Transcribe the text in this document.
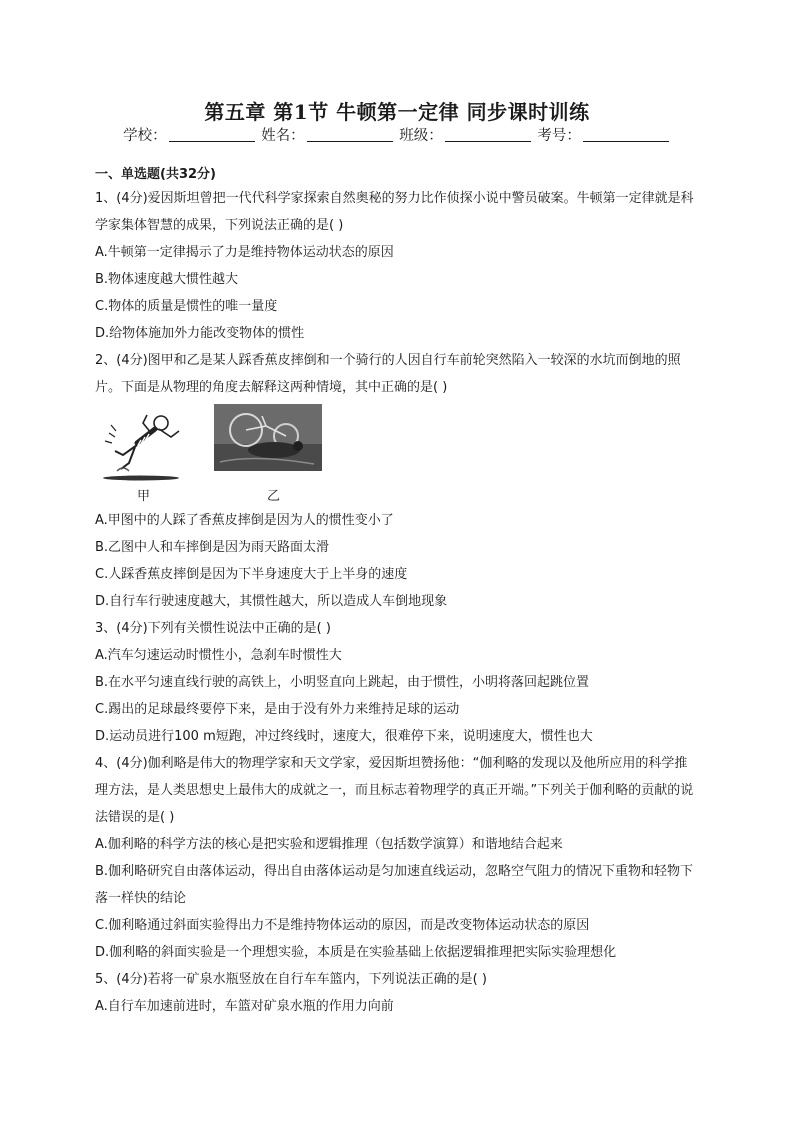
第五章 第1节 牛顿第一定律 同步课时训练
学校：	姓名：	班级：	考号：
一、单选题(共32分)
1、(4分)爱因斯坦曾把一代代科学家探索自然奥秘的努力比作侦探小说中警员破案。牛顿第一定律就是科学家集体智慧的成果，下列说法正确的是( )
A.牛顿第一定律揭示了力是维持物体运动状态的原因
B.物体速度越大惯性越大
C.物体的质量是惯性的唯一量度
D.给物体施加外力能改变物体的惯性
2、(4分)图甲和乙是某人踩香蕉皮摔倒和一个骑行的人因自行车前轮突然陷入一较深的水坑而倒地的照片。下面是从物理的角度去解释这两种情境，其中正确的是( )
甲	乙
A.甲图中的人踩了香蕉皮摔倒是因为人的惯性变小了
B.乙图中人和车摔倒是因为雨天路面太滑
C.人踩香蕉皮摔倒是因为下半身速度大于上半身的速度
D.自行车行驶速度越大，其惯性越大，所以造成人车倒地现象
3、(4分)下列有关惯性说法中正确的是( )
A.汽车匀速运动时惯性小，急刹车时惯性大
B.在水平匀速直线行驶的高铁上，小明竖直向上跳起，由于惯性，小明将落回起跳位置
C.踢出的足球最终要停下来，是由于没有外力来维持足球的运动
D.运动员进行100 m短跑，冲过终线时，速度大，很难停下来，说明速度大，惯性也大
4、(4分)伽利略是伟大的物理学家和天文学家，爱因斯坦赞扬他：“伽利略的发现以及他所应用的科学推理方法，是人类思想史上最伟大的成就之一，而且标志着物理学的真正开端。”下列关于伽利略的贡献的说法错误的是( )
A.伽利略的科学方法的核心是把实验和逻辑推理（包括数学演算）和谐地结合起来
B.伽利略研究自由落体运动，得出自由落体运动是匀加速直线运动，忽略空气阻力的情况下重物和轻物下落一样快的结论
C.伽利略通过斜面实验得出力不是维持物体运动的原因，而是改变物体运动状态的原因
D.伽利略的斜面实验是一个理想实验，本质是在实验基础上依据逻辑推理把实际实验理想化
5、(4分)若将一矿泉水瓶竖放在自行车车篮内，下列说法正确的是( )
A.自行车加速前进时，车篮对矿泉水瓶的作用力向前
